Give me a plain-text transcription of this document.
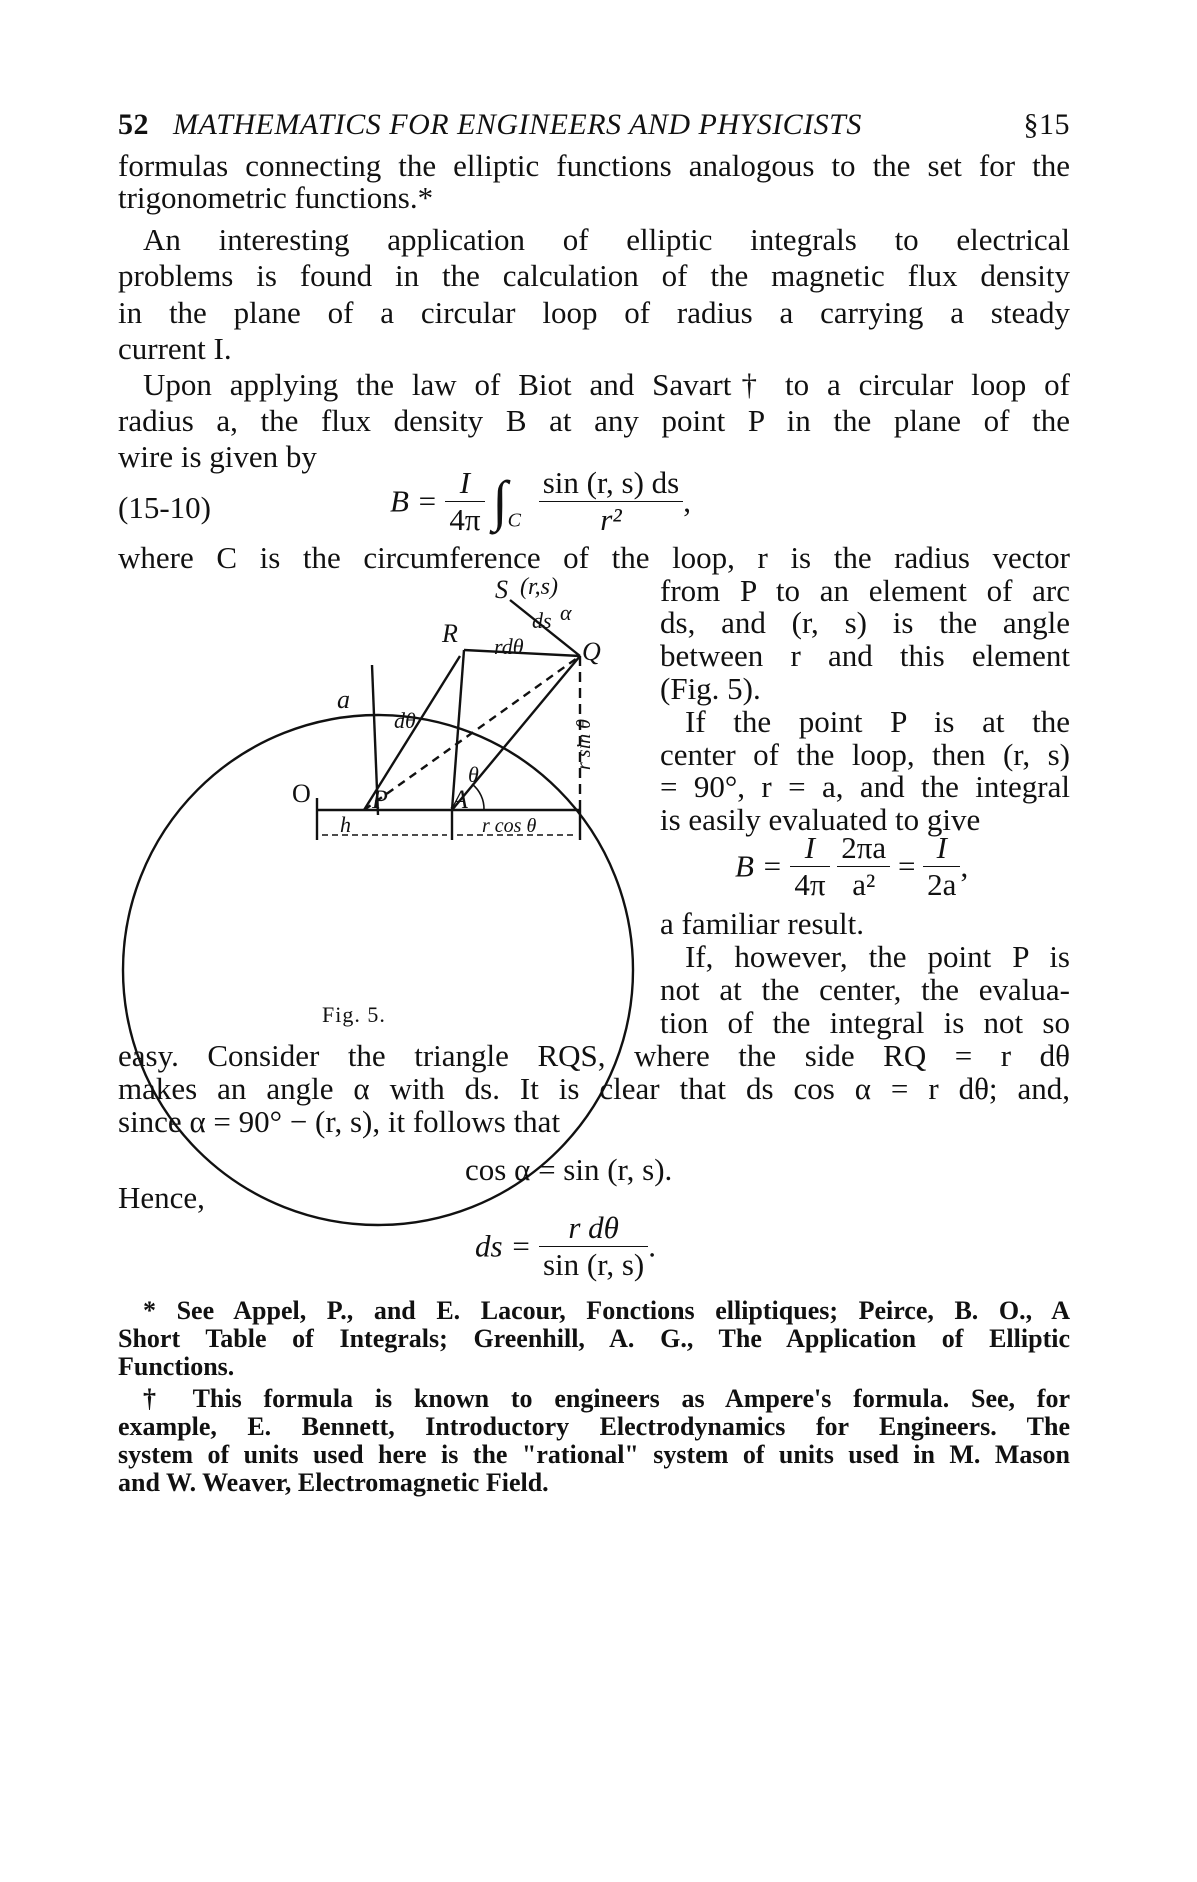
52 MATHEMATICS FOR ENGINEERS AND PHYSICISTS	§15
formulas connecting the elliptic functions analogous to the set for the
trigonometric functions.*
An interesting application of elliptic integrals to electrical
problems is found in the calculation of the magnetic flux density
in the plane of a circular loop of radius a carrying a steady
current I.
Upon applying the law of Biot and Savart† to a circular loop of
radius a, the flux density B at any point P in the plane of the
wire is given by
(15-10)	$B = \frac{I}{4\pi} \int_C \frac{\sin (r, s) ds}{\text{r²}}$ ,
where C is the circumference of the loop, r is the radius vector
S (r,s)
ds α
R rdθ Q
a
dθ	r sin θ
θ
O P A
h	r cos θ
Fig. 5.
from P to an element of arc
ds, and (r, s) is the angle
between r and this element
(Fig. 5).
If the point P is at the
center of the loop, then (r, s)
= 90°, r = a, and the integral
is easily evaluated to give
$B = \frac{I}{4\pi}$
$\frac{2\pi a}{\text{a²}} = \frac{I}{2a}$ ,
a familiar result.
If, however, the point P is
not at the center, the evalua-
tion of the integral is not so
easy. Consider the triangle RQS, where the side RQ = r dθ
makes an angle α with ds. It is clear that ds cos α = r dθ; and,
since α = 90° − (r, s), it follows that
cos α = sin (r, s).
Hence,
ds = $\frac{\text{r dθ}}{\sin (r, s)}$ .
* See Appel, P., and E. Lacour, Fonctions elliptiques; Peirce, B. O., A
Short Table of Integrals; Greenhill, A. G., The Application of Elliptic
Functions.
† This formula is known to engineers as Ampere's formula. See, for
example, E. Bennett, Introductory Electrodynamics for Engineers. The
system of units used here is the "rational" system of units used in M. Mason
and W. Weaver, Electromagnetic Field.
